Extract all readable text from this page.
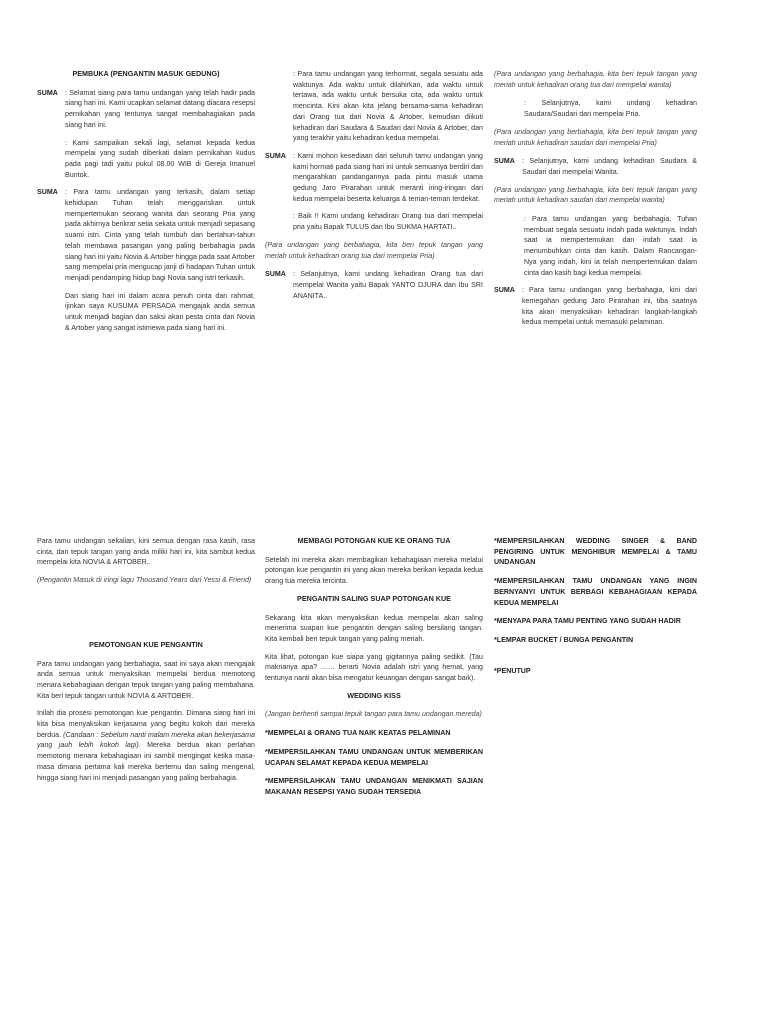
PEMBUKA (PENGANTIN MASUK GEDUNG)
SUMA	: Selamat siang para tamu undangan yang telah hadir pada siang hari ini. Kami ucapkan selamat datang diacara resepsi pernikahan yang tentunya sangat membahagiakan pada siang hari ini.

: Kami sampaikan sekali lagi, selamat kepada kedua mempelai yang sudah diberkati dalam pernikahan kudus pada pagi tadi yaitu pukul 08.00 WIB di Gereja Imanuel Buntok.

SUMA	: Para tamu undangan yang terkasih, dalam setiap kehidupan Tuhan telah menggariskan untuk mempertemukan seorang wanita dan seorang Pria yang pada akhirnya berikrar setia sekata untuk menjadi sepasang suami istri. Cinta yang telah tumbuh dan bertahun-tahun telah membawa pasangan yang paling berbahagia pada siang hari ini yaitu Novia & Artober hingga pada saat Artober sang mempelai pria mengucap janji di hadapan Tuhan untuk menjadi pendamping hidup bagi Novia sang istri terkasih.

Dan siang hari ini dalam acara penuh cinta dan rahmat, ijinkan saya KUSUMA PERSADA mengajak anda semua untuk menjadi bagian dan saksi akan pesta cinta dari Novia & Artober yang sangat istimewa pada siang hari ini.

: Para tamu undangan yang terhormat, segala sesuatu ada waktunya. Ada waktu untuk dilahirkan, ada waktu untuk tertawa, ada waktu untuk bersuka cita, ada waktu untuk mencinta. Kini akan kita jelang bersama-sama kehadiran dari Orang tua dari Novia & Artober, kemudian diikuti kehadiran dari Saudara & Saudari dari Novia & Artober, dan yang terakhir yaitu kehadiran kedua mempelai.

SUMA	: Kami mohon kesediaan dari seluruh tamu undangan yang kami hormati pada siang hari ini untuk semuanya berdiri dan mengarahkan pandangannya pada pintu masuk utama gedung Jaro Pirarahan untuk meranti iring-iringan dari kedua mempelai beserta keluarga & teman-teman terdekat.

: Baik !! Kami undang kehadiran Orang tua dari mempelai pria yaitu Bapak TULUS dan Ibu SUKMA HARTATI..

(Para undangan yang berbahagia, kita beri tepuk tangan yang meriah untuk kehadiran orang tua dari mempelai Pria)

SUMA	: Selanjutnya, kami undang kehadiran Orang tua dari mempelai Wanita yaitu Bapak YANTO DJURA dan Ibu SRI ANANITA..

(Para undangan yang berbahagia, kita beri tepuk tangan yang meriah untuk kehadiran orang tua dari mempelai wanita)

: Selanjutnya, kami undang kehadiran Saudara/Saudari dari mempelai Pria.

(Para undangan yang berbahagia, kita beri tepuk tangan yang meriah untuk kehadiran saudari dari mempelai Pria)

SUMA	: Selanjutnya, kami undang kehadiran Saudara & Saudari dari mempelai Wanita.

(Para undangan yang berbahagia, kita beri tepuk tangan yang meriah untuk kehadiran saudari dari mempelai wanita)

: Para tamu undangan yang berbahagia, Tuhan membuat segala sesuatu indah pada waktunya. Indah saat ia mempertemukan dan indah saat ia menumbuhkan cinta dan kasih. Dalam Rancangan-Nya yang indah, kini ia telah mempertemukan dalam cinta dan kasih bagi kedua mempelai.

SUMA	: Para tamu undangan yang berbahagia, kini dari kemegahan gedung Jaro Pirarahan ini, tiba saatnya kita akan menyaksikan kehadiran langkah-langkah kedua mempelai untuk memasuki pelaminan.

Para tamu undangan sekalian, kini semua dengan rasa kasih, rasa cinta, dan tepuk tangan yang anda miliki hari ini, kita sambut kedua mempelai kita NOVIA & ARTOBER..

(Pengantin Masuk di iringi lagu Thousand Years dari Yessi & Friend)

PEMOTONGAN KUE PENGANTIN

Para tamu undangan yang berbahagia, saat ini saya akan mengajak anda semua untuk menyaksikan mempelai berdua memotong menara kebahagiaan dengan tepuk tangan yang paling membahana. Kita beri tepuk tangan untuk NOVIA & ARTOBER.

Inilah dia prosesi pemotongan kue pengantin. Dimana siang hari ini kita bisa menyaksikan kerjasama yang begitu kokoh dari mereka berdua. (Candaan : Sebelum nanti malam mereka akan bekerjasama yang jauh lebih kokoh lagi). Mereka berdua akan perlahan memotong menara kebahagiaan ini sambil mengingat ketika masa-masa dimana pertama kali mereka bertemu dan saling mengenal, hingga siang hari ini menjadi pasangan yang paling berbahagia.

MEMBAGI POTONGAN KUE KE ORANG TUA

Setelah ini mereka akan membagikan kebahagiaan mereka melalui potongan kue pengantin ini yang akan mereka berikan kepada kedua orang tua mereka tercinta.

PENGANTIN SALING SUAP POTONGAN KUE

Sekarang kita akan menyaksikan kedua mempelai akan saling menerima suapan kue pengantin dengan saling bersilang tangan. Kita kembali beri tepuk tangan yang paling meriah.

Kita lihat, potongan kue siapa yang gigitannya paling sedikit. (Tau maknanya apa? …… berarti Novia adalah istri yang hemat, yang tentunya nanti akan bisa mengatur keuangan dengan sangat baik).

WEDDING KISS

(Jangan berhenti sampai tepuk tangan para tamu undangan meredа)

*MEMPELAI & ORANG TUA NAIK KEATAS PELAMINAN
*MEMPERSILAHKAN TAMU UNDANGAN UNTUK MEMBERIKAN UCAPAN SELAMAT KEPADA KEDUA MEMPELAI
*MEMPERSILAHKAN TAMU UNDANGAN MENIKMATI SAJIAN MAKANAN RESEPSI YANG SUDAH TERSEDIA
*MEMPERSILAHKAN WEDDING SINGER & BAND PENGIRING UNTUK MENGHIBUR MEMPELAI & TAMU UNDANGAN
*MEMPERSILAHKAN TAMU UNDANGAN YANG INGIN BERNYANYI UNTUK BERBAGI KEBAHAGIAAN KEPADA KEDUA MEMPELAI
*MENYAPA PARA TAMU PENTING YANG SUDAH HADIR
*LEMPAR BUCKET / BUNGA PENGANTIN
*PENUTUP
